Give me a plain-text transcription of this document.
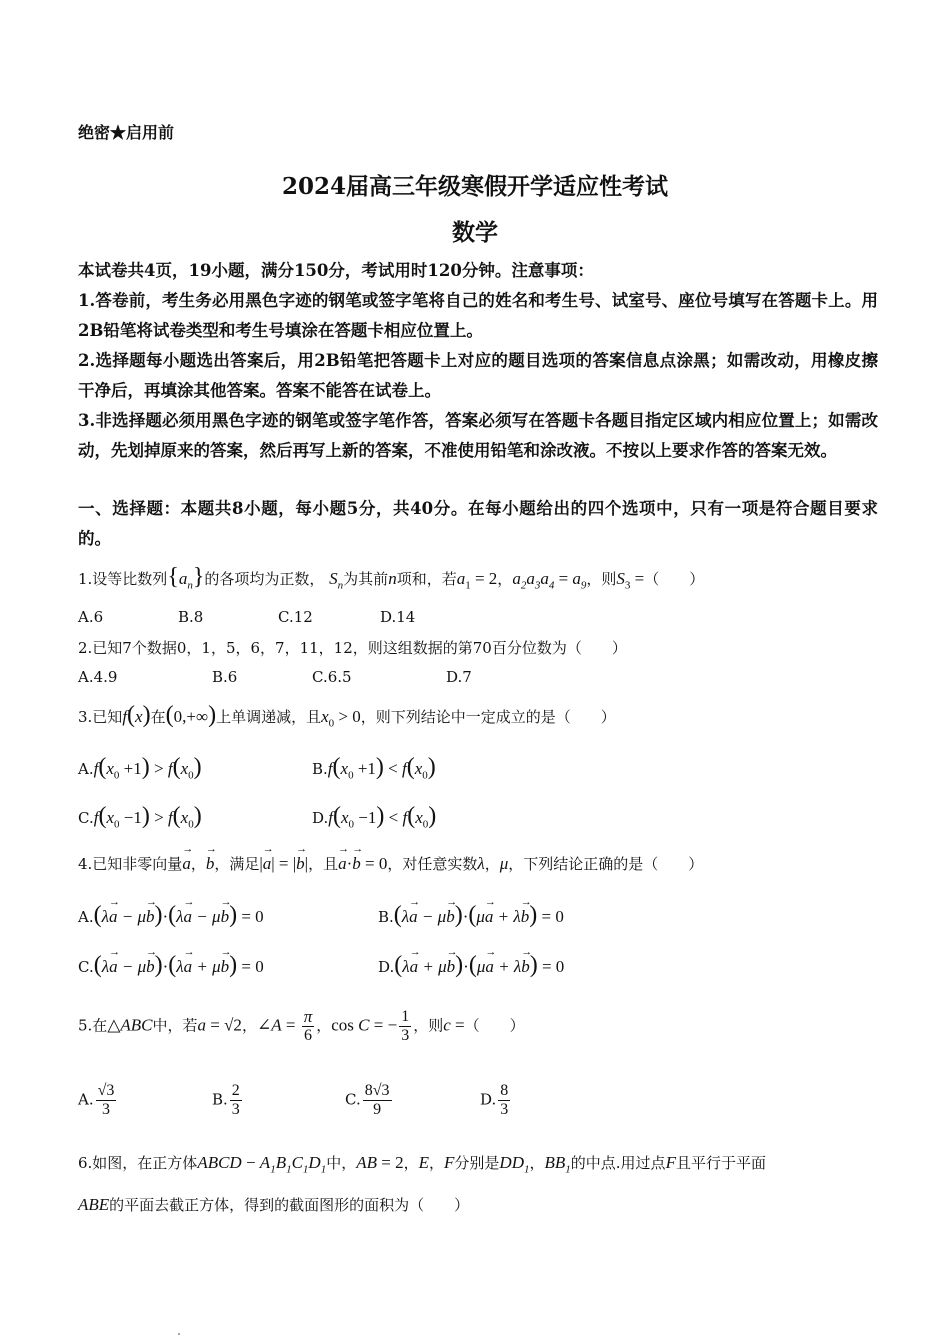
绝密★启用前
2024届高三年级寒假开学适应性考试
数学
本试卷共4页，19小题，满分150分，考试用时120分钟。注意事项：
1.答卷前，考生务必用黑色字迹的钢笔或签字笔将自己的姓名和考生号、试室号、座位号填写在答题卡上。用2B铅笔将试卷类型和考生号填涂在答题卡相应位置上。
2.选择题每小题选出答案后，用2B铅笔把答题卡上对应的题目选项的答案信息点涂黑；如需改动，用橡皮擦干净后，再填涂其他答案。答案不能答在试卷上。
3.非选择题必须用黑色字迹的钢笔或签字笔作答，答案必须写在答题卡各题目指定区域内相应位置上；如需改动，先划掉原来的答案，然后再写上新的答案，不准使用铅笔和涂改液。不按以上要求作答的答案无效。
一、选择题：本题共8小题，每小题5分，共40分。在每小题给出的四个选项中，只有一项是符合题目要求的。
1.设等比数列$\{a_n\}$的各项均为正数， $S_n$为其前n项和，若$a_1 = 2$，$a_2a_3a_4 = a_9$，则$S_3$ =（　　）
A.6	B.8	C.12	D.14
2.已知7个数据0，1，5，6，7，11，12，则这组数据的第70百分位数为（　　）
A.4.9	B.6	C.6.5	D.7
3.已知f(x)在(0,+∞)上单调递减，且$x_0 > 0$，则下列结论中一定成立的是（　　）
$A.f(x_0 +1) > f(x_0)$	$B.f(x_0 +1) < f(x_0)$
$C.f(x_0 -1) > f(x_0)$	$D.f(x_0 -1) < f(x_0)$
4.已知非零向量→ a，→ b，满足|→ a| = |→ b|，且→ a·→ b = 0，对任意实数λ，μ，下列结论正确的是（　　）
A.(λ→ a − μ→ b)·(λ→ a − μ→ b) = 0	B.(λ→ a − μ→ b)·(μ→ a + λ→ b) = 0
C.(λ→ a − μ→ b)·(λ→ a + μ→ b) = 0	D.(λ→ a + μ→ b)·(μ→ a + λ→ b) = 0
5.在△ABC中，若a = √2，∠A = $\frac{\pi}{6}$ ，cos C = − $\frac{1}{3}$ ，则c =（　　）
A. $\frac{√3}{3}$	B. $\frac{2}{3}$	C. $\frac{8√3}{9}$	D. $\frac{8}{3}$
6.如图，在正方体ABCD − $A_1B_1C_1D_1$中，AB = 2，E，F分别是$DD_1$，$BB_1$的中点.用过点F且平行于平面
ABE的平面去截正方体，得到的截面图形的面积为（　　）
